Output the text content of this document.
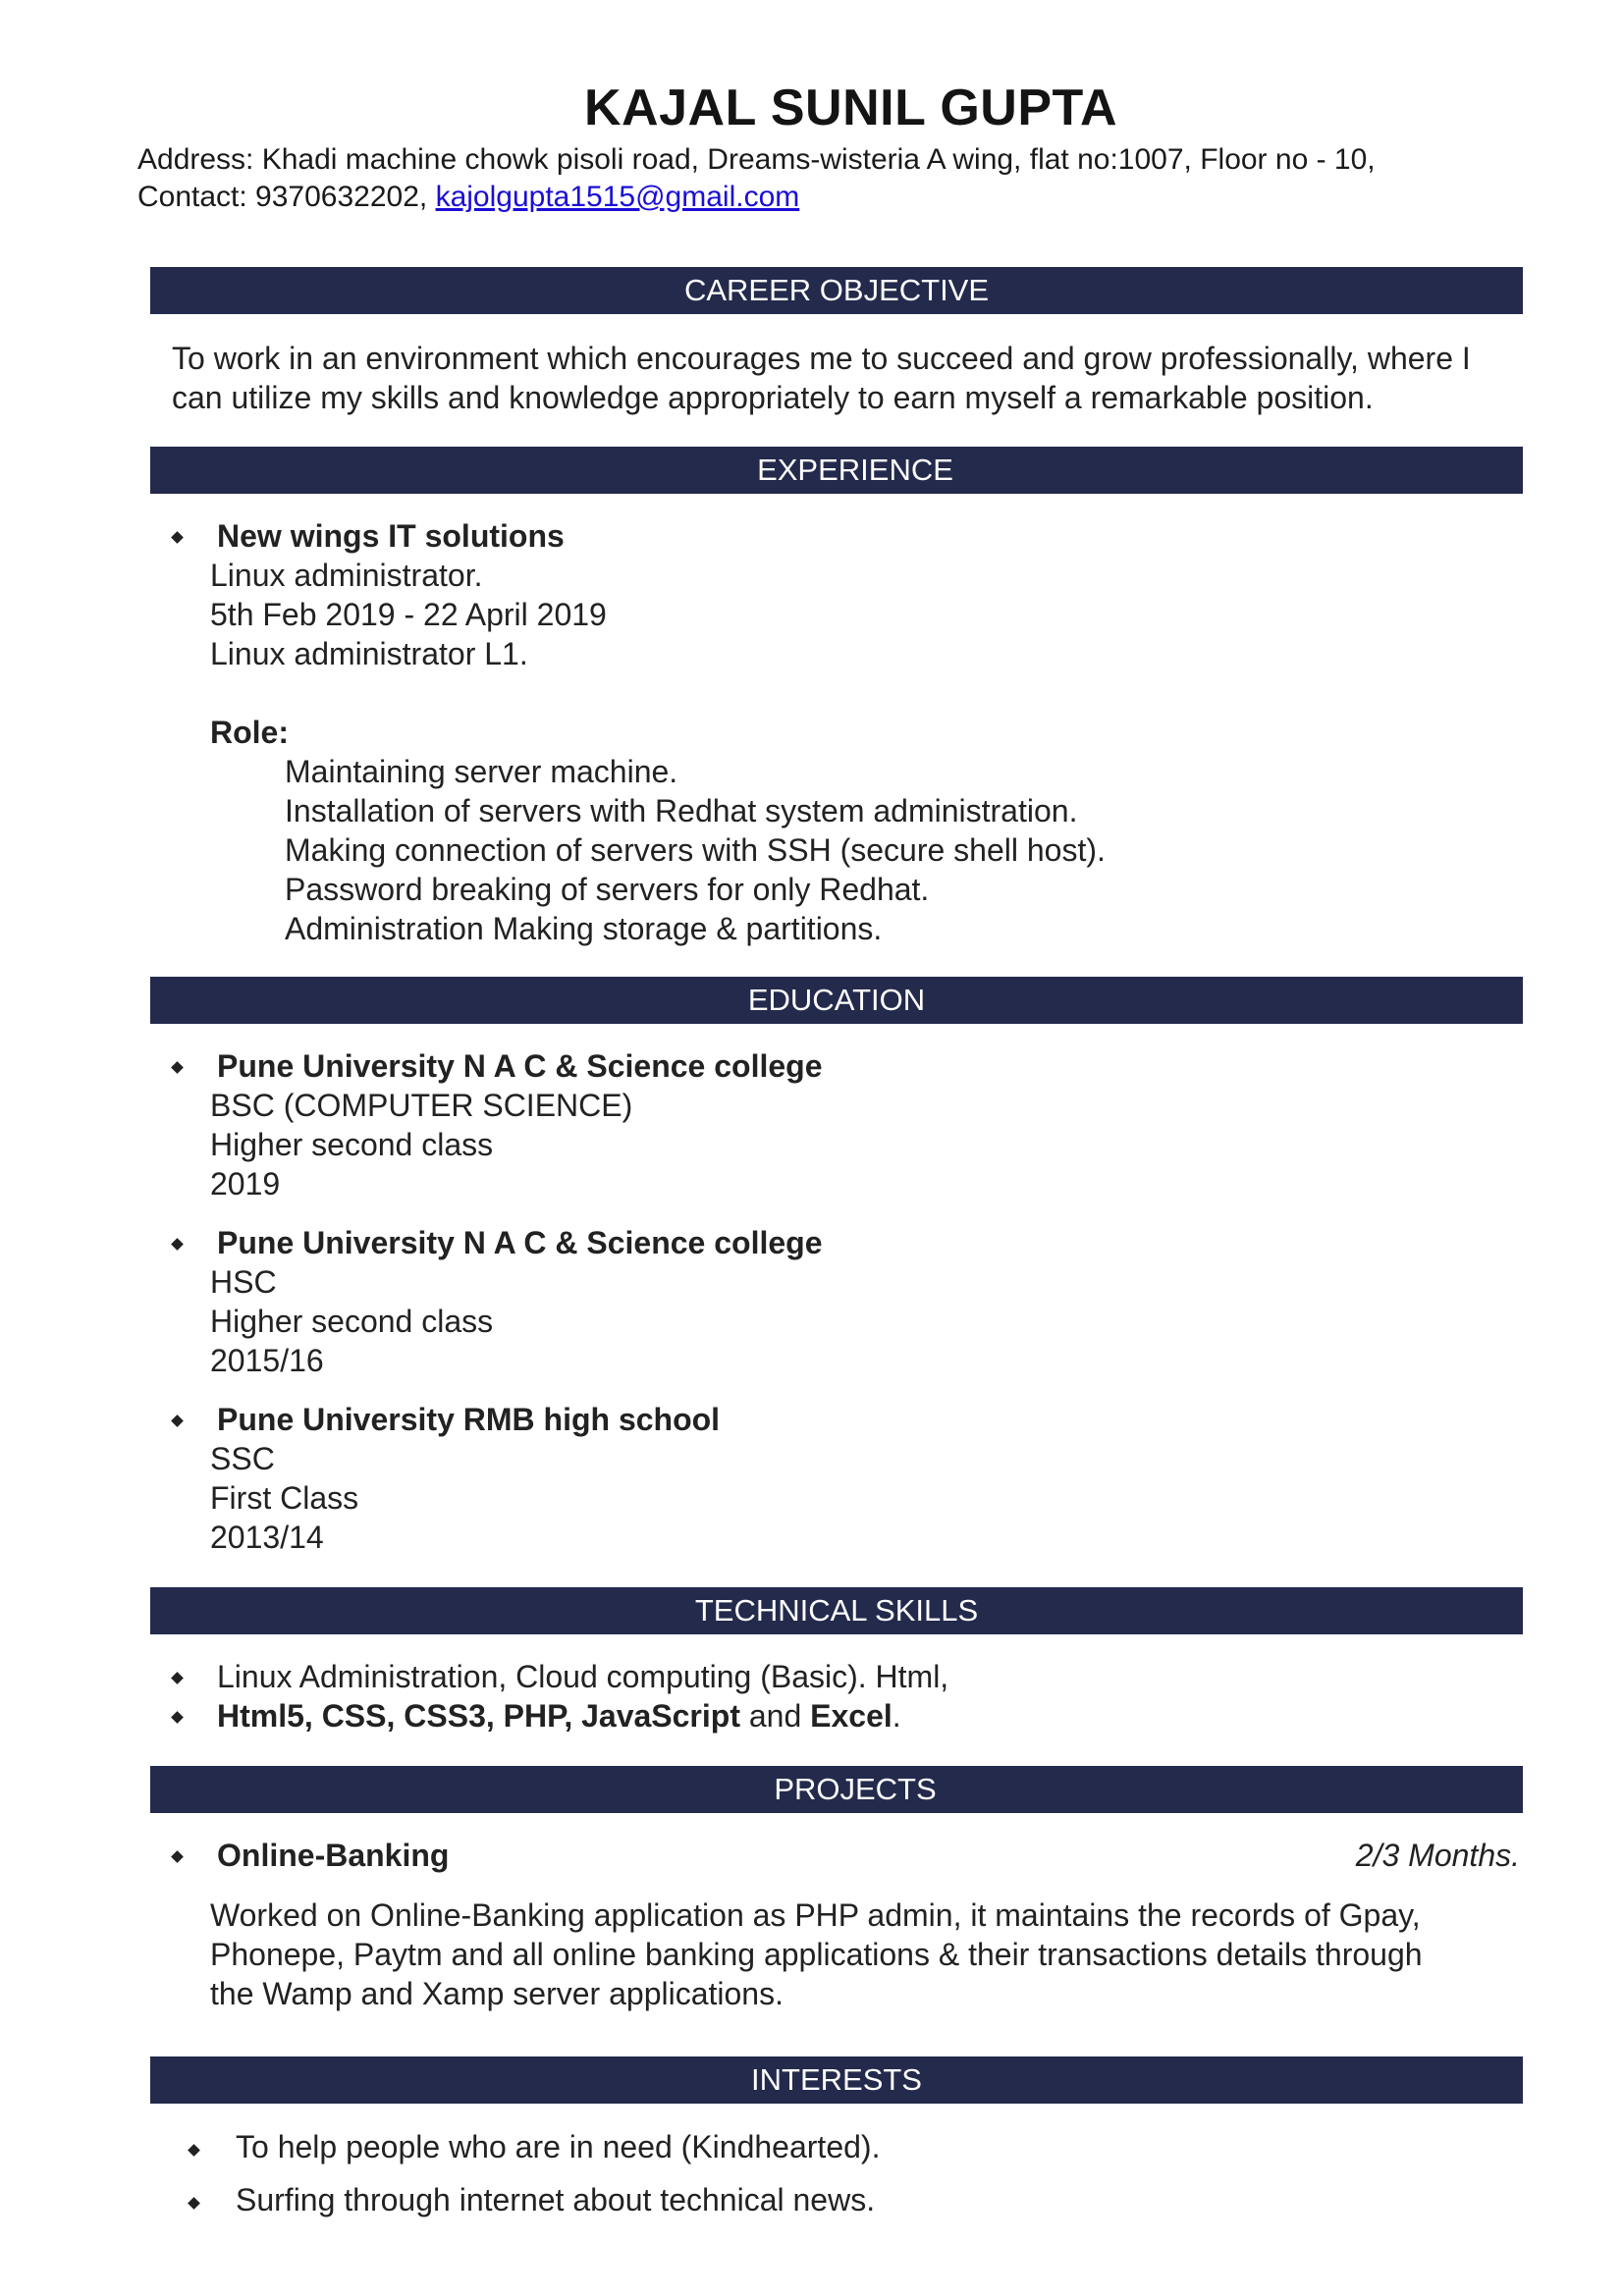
KAJAL SUNIL GUPTA
Address: Khadi machine chowk pisoli road, Dreams-wisteria A wing, flat no:1007, Floor no - 10,
Contact: 9370632202, kajolgupta1515@gmail.com
CAREER OBJECTIVE
To work in an environment which encourages me to succeed and grow professionally, where I
can utilize my skills and knowledge appropriately to earn myself a remarkable position.
EXPERIENCE
New wings IT solutions
Linux administrator.
5th Feb 2019 - 22 April 2019
Linux administrator L1.
Role:
Maintaining server machine.
Installation of servers with Redhat system administration.
Making connection of servers with SSH (secure shell host).
Password breaking of servers for only Redhat.
Administration Making storage & partitions.
EDUCATION
Pune University N A C & Science college
BSC (COMPUTER SCIENCE)
Higher second class
2019
Pune University N A C & Science college
HSC
Higher second class
2015/16
Pune University RMB high school
SSC
First Class
2013/14
TECHNICAL SKILLS
Linux Administration, Cloud computing (Basic). Html,
Html5, CSS, CSS3, PHP, JavaScript and Excel.
PROJECTS
Online-Banking	2/3 Months.
Worked on Online-Banking application as PHP admin, it maintains the records of Gpay,
Phonepe, Paytm and all online banking applications & their transactions details through
the Wamp and Xamp server applications.
INTERESTS
To help people who are in need (Kindhearted).
Surfing through internet about technical news.
